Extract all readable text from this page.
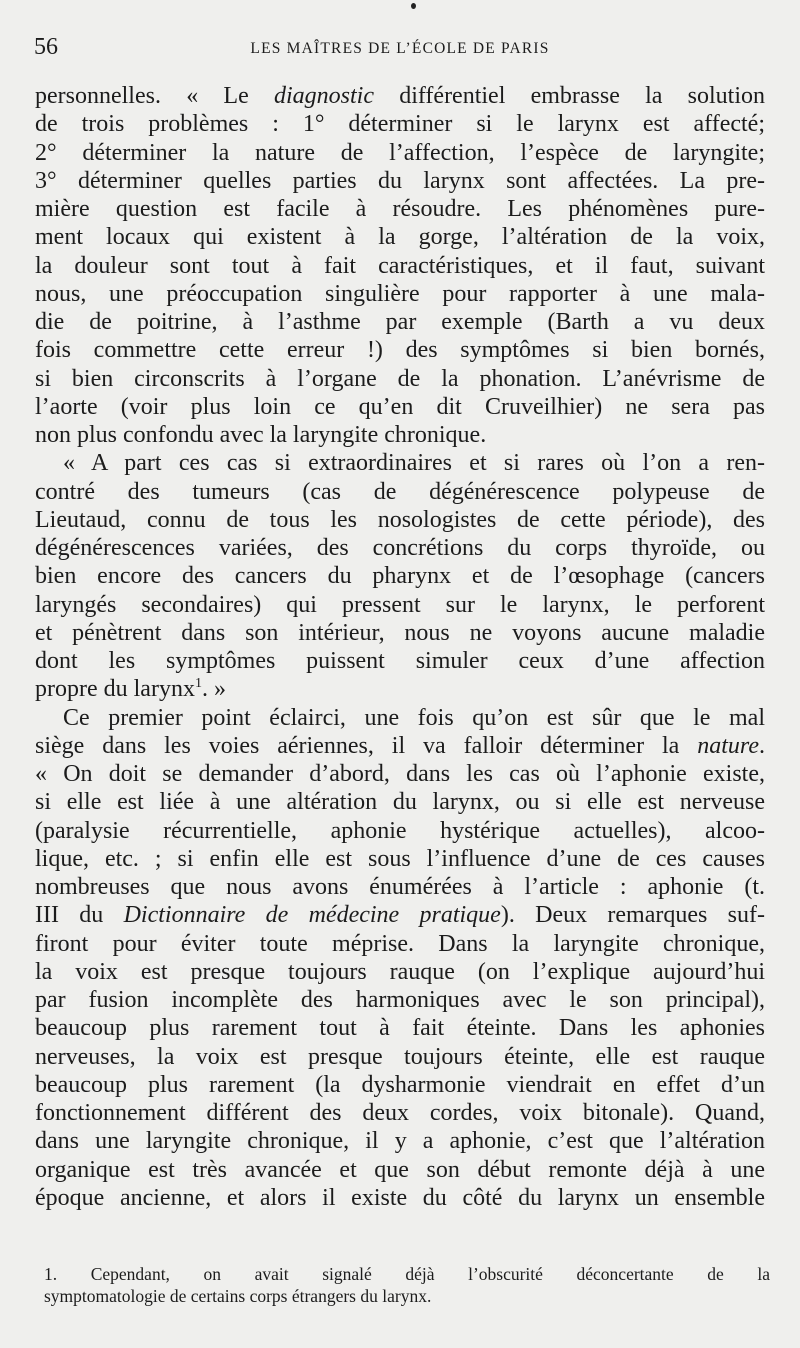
56	LES MAÎTRES DE L’ÉCOLE DE PARIS
personnelles. « Le diagnostic différentiel embrasse la solution
de trois problèmes : 1° déterminer si le larynx est affecté;
2° déterminer la nature de l’affection, l’espèce de laryngite;
3° déterminer quelles parties du larynx sont affectées. La pre-
mière question est facile à résoudre. Les phénomènes pure-
ment locaux qui existent à la gorge, l’altération de la voix,
la douleur sont tout à fait caractéristiques, et il faut, suivant
nous, une préoccupation singulière pour rapporter à une mala-
die de poitrine, à l’asthme par exemple (Barth a vu deux
fois commettre cette erreur !) des symptômes si bien bornés,
si bien circonscrits à l’organe de la phonation. L’anévrisme de
l’aorte (voir plus loin ce qu’en dit Cruveilhier) ne sera pas
non plus confondu avec la laryngite chronique.
« A part ces cas si extraordinaires et si rares où l’on a ren-
contré des tumeurs (cas de dégénérescence polypeuse de
Lieutaud, connu de tous les nosologistes de cette période), des
dégénérescences variées, des concrétions du corps thyroïde, ou
bien encore des cancers du pharynx et de l’œsophage (cancers
laryngés secondaires) qui pressent sur le larynx, le perforent
et pénètrent dans son intérieur, nous ne voyons aucune maladie
dont les symptômes puissent simuler ceux d’une affection
propre du larynx$^1$. »
Ce premier point éclairci, une fois qu’on est sûr que le mal
siège dans les voies aériennes, il va falloir déterminer la nature.
« On doit se demander d’abord, dans les cas où l’aphonie existe,
si elle est liée à une altération du larynx, ou si elle est nerveuse
(paralysie récurrentielle, aphonie hystérique actuelles), alcoo-
lique, etc. ; si enfin elle est sous l’influence d’une de ces causes
nombreuses que nous avons énumérées à l’article : aphonie (t.
III du Dictionnaire de médecine pratique). Deux remarques suf-
firont pour éviter toute méprise. Dans la laryngite chronique,
la voix est presque toujours rauque (on l’explique aujourd’hui
par fusion incomplète des harmoniques avec le son principal),
beaucoup plus rarement tout à fait éteinte. Dans les aphonies
nerveuses, la voix est presque toujours éteinte, elle est rauque
beaucoup plus rarement (la dysharmonie viendrait en effet d’un
fonctionnement différent des deux cordes, voix bitonale). Quand,
dans une laryngite chronique, il y a aphonie, c’est que l’altération
organique est très avancée et que son début remonte déjà à une
époque ancienne, et alors il existe du côté du larynx un ensemble
1. Cependant, on avait signalé déjà l’obscurité déconcertante de la
symptomatologie de certains corps étrangers du larynx.
